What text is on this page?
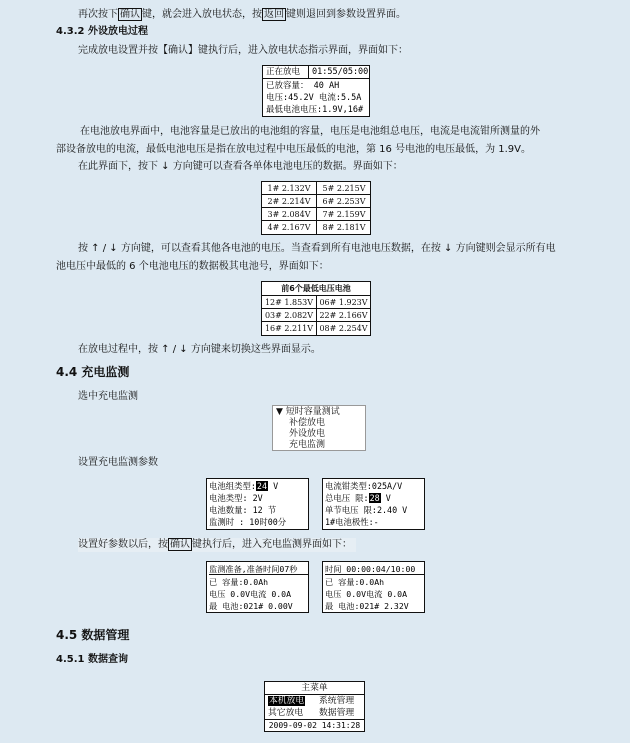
再次按下 确认 键，就会进入放电状态，按 返回 键则退回到参数设置界面。
4.3.2 外设放电过程
完成放电设置并按【确认】键执行后，进入放电状态指示界面，界面如下：
正在放电 01:55/05:00
已放容量： 40 AH
电压:45.2V 电流:5.5A
最低电池电压:1.9V,16#
在电池放电界面中，电池容量是已放出的电池组的容量，电压是电池组总电压，电流是电流钳所测量的外
部设备放电的电流，最低电池电压是指在放电过程中电压最低的电池，第 16 号电池的电压最低，为 1.9V。
在此界面下，按下 ↓ 方向键可以查看各单体电池电压的数据。界面如下：
1# 2.132V	5# 2.215V
2# 2.214V	6# 2.253V
3# 2.084V	7# 2.159V
4# 2.167V	8# 2.181V
按 ↑ / ↓ 方向键，可以查看其他各电池的电压。当查看到所有电池电压数据，在按 ↓ 方向键则会显示所有电
池电压中最低的 6 个电池电压的数据极其电池号，界面如下：
前6个最低电压电池
12# 1.853V 06# 1.923V
03# 2.082V 22# 2.166V
16# 2.211V 08# 2.254V
在放电过程中，按 ↑ / ↓ 方向键来切换这些界面显示。
4.4 充电监测
选中充电监测
▼ 短时容量测试
补偿放电
外设放电
充电监测
设置充电监测参数
电池组类型:24 V
电池类型: 2V
电池数量: 12 节
监测时 : 10时00分
电流钳类型:025A/V
总电压 限:28 V
单节电压 限:2.40 V
1#电池极性:-
设置好参数以后，按 确认 键执行后，进入充电监测界面如下：
监测准备,准备时间07秒
已 容量:0.0Ah
电压 0.0V电流 0.0A
最 电池:021# 0.00V
时间 00:00:04/10:00
已 容量:0.0Ah
电压 0.0V电流 0.0A
最 电池:021# 2.32V
4.5 数据管理
4.5.1 数据查询
主菜单
本机放电	系统管理
其它放电	数据管理
2009-09-02 14:31:28
